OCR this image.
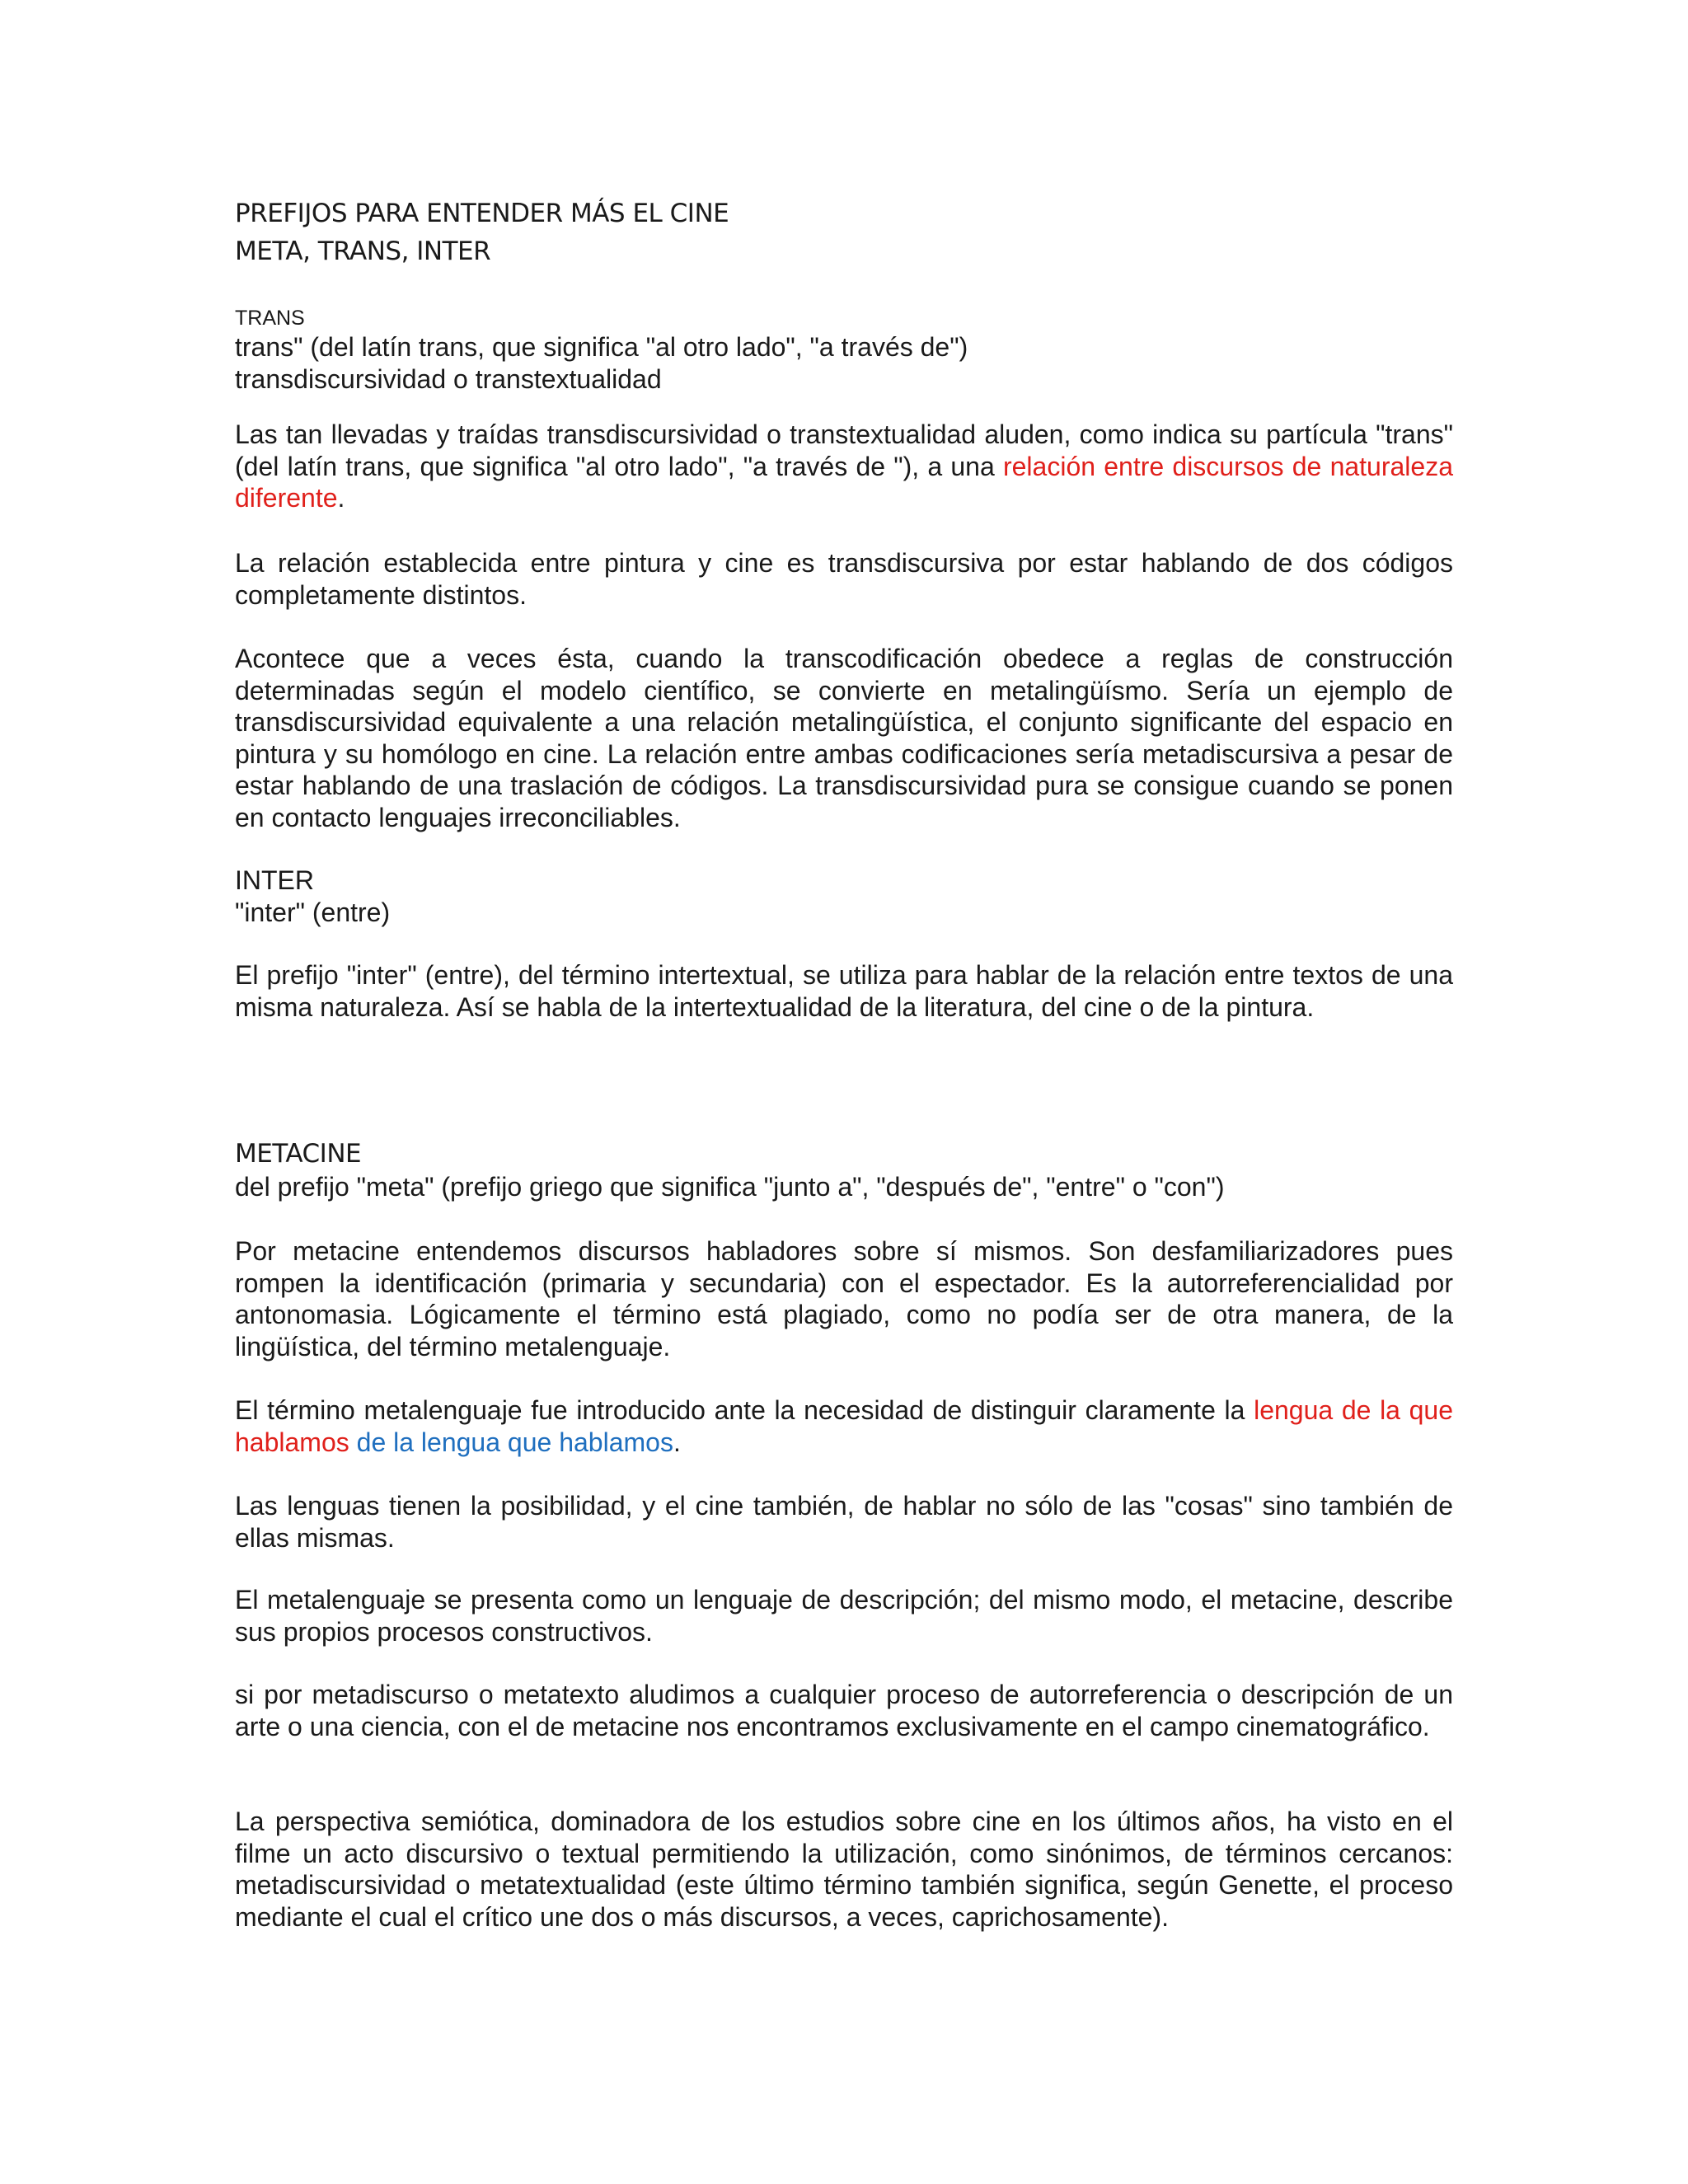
PREFIJOS PARA ENTENDER MÁS EL CINE
META, TRANS, INTER
TRANS
trans" (del latín trans, que significa "al otro lado", "a través de")
transdiscursividad o transtextualidad

Las tan llevadas y traídas transdiscursividad o transtextualidad aluden, como indica su partícula "trans" (del latín trans, que significa "al otro lado", "a través de "), a una relación entre discursos de naturaleza diferente.

La relación establecida entre pintura y cine es transdiscursiva por estar hablando de dos códigos completamente distintos.

Acontece que a veces ésta, cuando la transcodificación obedece a reglas de construcción determinadas según el modelo científico, se convierte en metalingüísmo. Sería un ejemplo de transdiscursividad equivalente a una relación metalingüística, el conjunto significante del espacio en pintura y su homólogo en cine. La relación entre ambas codificaciones sería metadiscursiva a pesar de estar hablando de una traslación de códigos. La transdiscursividad pura se consigue cuando se ponen en contacto lenguajes irreconciliables.

INTER
"inter" (entre)

El prefijo "inter" (entre), del término intertextual, se utiliza para hablar de la relación entre textos de una misma naturaleza. Así se habla de la intertextualidad de la literatura, del cine o de la pintura.

METACINE
del prefijo "meta" (prefijo griego que significa "junto a", "después de", "entre" o "con")

Por metacine entendemos discursos habladores sobre sí mismos. Son desfamiliarizadores pues rompen la identificación (primaria y secundaria) con el espectador. Es la autorreferencialidad por antonomasia. Lógicamente el término está plagiado, como no podía ser de otra manera, de la lingüística, del término metalenguaje.

El término metalenguaje fue introducido ante la necesidad de distinguir claramente la lengua de la que hablamos de la lengua que hablamos.

Las lenguas tienen la posibilidad, y el cine también, de hablar no sólo de las "cosas" sino también de ellas mismas.

El metalenguaje se presenta como un lenguaje de descripción; del mismo modo, el metacine, describe sus propios procesos constructivos.

si por metadiscurso o metatexto aludimos a cualquier proceso de autorreferencia o descripción de un arte o una ciencia, con el de metacine nos encontramos exclusivamente en el campo cinematográfico.

La perspectiva semiótica, dominadora de los estudios sobre cine en los últimos años, ha visto en el filme un acto discursivo o textual permitiendo la utilización, como sinónimos, de términos cercanos: metadiscursividad o metatextualidad (este último término también significa, según Genette, el proceso mediante el cual el crítico une dos o más discursos, a veces, caprichosamente).
